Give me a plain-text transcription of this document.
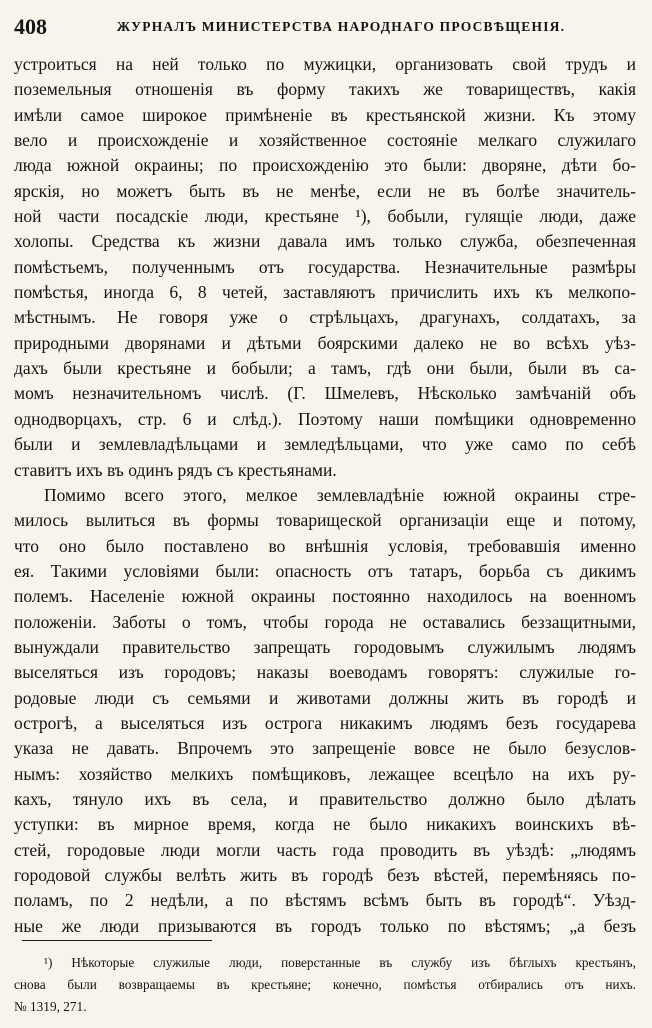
408	ЖУРНАЛЪ МИНИСТЕРСТВА НАРОДНАГО ПРОСВѢЩЕНІЯ.
устроиться на ней только по мужицки, организовать свой трудъ и
поземельныя отношенія въ форму такихъ же товариществъ, какія
имѣли самое широкое примѣненіе въ крестьянской жизни. Къ этому
вело и происхожденіе и хозяйственное состояніе мелкаго служилаго
люда южной окраины; по происхожденію это были: дворяне, дѣти бо-
ярскія, но можетъ быть въ не менѣе, если не въ болѣе значитель-
ной части посадскіе люди, крестьяне ¹), бобыли, гулящіе люди, даже
холопы. Средства къ жизни давала имъ только служба, обезпеченная
помѣстьемъ, полученнымъ отъ государства. Незначительные размѣры
помѣстья, иногда 6, 8 четей, заставляютъ причислить ихъ къ мелкопо-
мѣстнымъ. Не говоря уже о стрѣльцахъ, драгунахъ, солдатахъ, за
природными дворянами и дѣтьми боярскими далеко не во всѣхъ уѣз-
дахъ были крестьяне и бобыли; а тамъ, гдѣ они были, были въ са-
момъ незначительномъ числѣ. (Г. Шмелевъ, Нѣсколько замѣчаній объ
однодворцахъ, стр. 6 и слѣд.). Поэтому наши помѣщики одновременно
были и землевладѣльцами и земледѣльцами, что уже само по себѣ
ставитъ ихъ въ одинъ рядъ съ крестьянами.
Помимо всего этого, мелкое землевладѣніе южной окраины стре-
милось вылиться въ формы товарищеской организаціи еще и потому,
что оно было поставлено во внѣшнія условія, требовавшія именно
ея. Такими условіями были: опасность отъ татаръ, борьба съ дикимъ
полемъ. Населеніе южной окраины постоянно находилось на военномъ
положеніи. Заботы о томъ, чтобы города не оставались беззащитными,
вынуждали правительство запрещать городовымъ служилымъ людямъ
выселяться изъ городовъ; наказы воеводамъ говорятъ: служилые го-
родовые люди съ семьями и животами должны жить въ городѣ и
острогѣ, а выселяться изъ острога никакимъ людямъ безъ государева
указа не давать. Впрочемъ это запрещеніе вовсе не было безуслов-
нымъ: хозяйство мелкихъ помѣщиковъ, лежащее всецѣло на ихъ ру-
кахъ, тянуло ихъ въ села, и правительство должно было дѣлать
уступки: въ мирное время, когда не было никакихъ воинскихъ вѣ-
стей, городовые люди могли часть года проводить въ уѣздѣ: „людямъ
городовой службы велѣть жить въ городѣ безъ вѣстей, перемѣняясь по-
поламъ, по 2 недѣли, а по вѣстямъ всѣмъ быть въ городѣ“. Уѣзд-
ные же люди призываются въ городъ только по вѣстямъ; „а безъ
¹) Нѣкоторые служилые люди, поверстанные въ службу изъ бѣглыхъ крестьянъ,
снова были возвращаемы въ крестьяне; конечно, помѣстья отбирались отъ нихъ.
№ 1319, 271.
